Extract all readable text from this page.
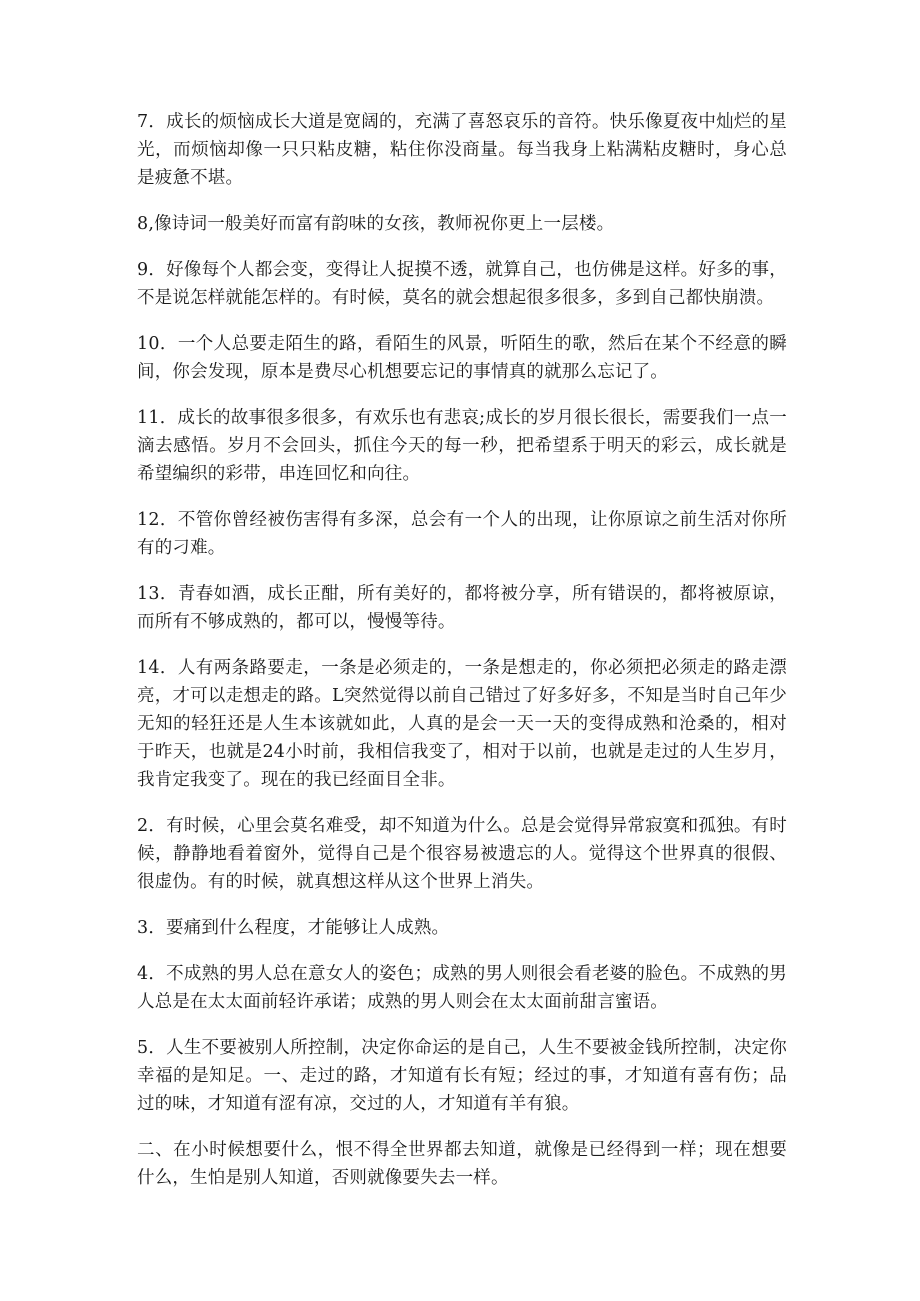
7．成长的烦恼成长大道是宽阔的，充满了喜怒哀乐的音符。快乐像夏夜中灿烂的星光，而烦恼却像一只只粘皮糖，粘住你没商量。每当我身上粘满粘皮糖时，身心总是疲惫不堪。

8,像诗词一般美好而富有韵味的女孩，教师祝你更上一层楼。

9．好像每个人都会变，变得让人捉摸不透，就算自己，也仿佛是这样。好多的事，不是说怎样就能怎样的。有时候，莫名的就会想起很多很多，多到自己都快崩溃。

10．一个人总要走陌生的路，看陌生的风景，听陌生的歌，然后在某个不经意的瞬间，你会发现，原本是费尽心机想要忘记的事情真的就那么忘记了。

11．成长的故事很多很多，有欢乐也有悲哀;成长的岁月很长很长，需要我们一点一滴去感悟。岁月不会回头，抓住今天的每一秒，把希望系于明天的彩云，成长就是希望编织的彩带，串连回忆和向往。

12．不管你曾经被伤害得有多深，总会有一个人的出现，让你原谅之前生活对你所有的刁难。

13．青春如酒，成长正酣，所有美好的，都将被分享，所有错误的，都将被原谅，而所有不够成熟的，都可以，慢慢等待。

14．人有两条路要走，一条是必须走的，一条是想走的，你必须把必须走的路走漂亮，才可以走想走的路。L突然觉得以前自己错过了好多好多，不知是当时自己年少无知的轻狂还是人生本该就如此，人真的是会一天一天的变得成熟和沧桑的，相对于昨天，也就是24小时前，我相信我变了，相对于以前，也就是走过的人生岁月，我肯定我变了。现在的我已经面目全非。

2．有时候，心里会莫名难受，却不知道为什么。总是会觉得异常寂寞和孤独。有时候，静静地看着窗外，觉得自己是个很容易被遗忘的人。觉得这个世界真的很假、很虚伪。有的时候，就真想这样从这个世界上消失。

3．要痛到什么程度，才能够让人成熟。

4．不成熟的男人总在意女人的姿色；成熟的男人则很会看老婆的脸色。不成熟的男人总是在太太面前轻许承诺；成熟的男人则会在太太面前甜言蜜语。

5．人生不要被别人所控制，决定你命运的是自己，人生不要被金钱所控制，决定你幸福的是知足。一、走过的路，才知道有长有短；经过的事，才知道有喜有伤；品过的味，才知道有涩有凉，交过的人，才知道有羊有狼。

二、在小时候想要什么，恨不得全世界都去知道，就像是已经得到一样；现在想要什么，生怕是别人知道，否则就像要失去一样。
